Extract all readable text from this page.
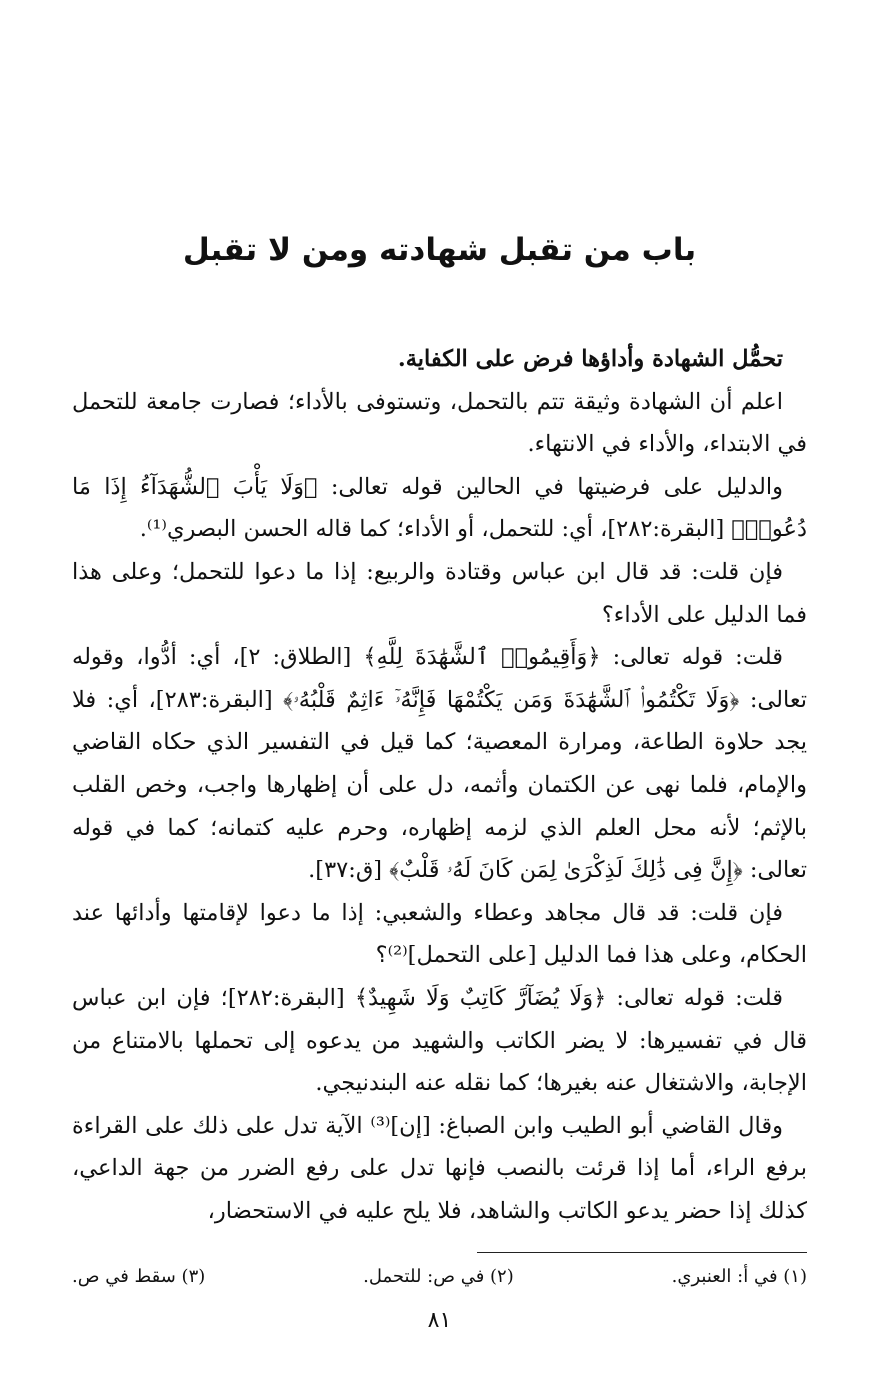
باب من تقبل شهادته ومن لا تقبل

تحمُّل الشهادة وأداؤها فرض على الكفاية.

اعلم أن الشهادة وثيقة تتم بالتحمل، وتستوفى بالأداء؛ فصارت جامعة للتحمل في الابتداء، والأداء في الانتهاء.

والدليل على فرضيتها في الحالين قوله تعالى: ﴿وَلَا يَأْبَ ٱلشُّهَدَآءُ إِذَا مَا دُعُوا۟﴾ [البقرة:٢٨٢]، أي: للتحمل، أو الأداء؛ كما قاله الحسن البصري⁽¹⁾.

فإن قلت: قد قال ابن عباس وقتادة والربيع: إذا ما دعوا للتحمل؛ وعلى هذا فما الدليل على الأداء؟

قلت: قوله تعالى: ﴿وَأَقِيمُوا۟ ٱلشَّهَٰدَةَ لِلَّهِ﴾ [الطلاق: ٢]، أي: أدُّوا، وقوله تعالى: ﴿وَلَا تَكْتُمُوا۟ ٱلشَّهَٰدَةَ وَمَن يَكْتُمْهَا فَإِنَّهُۥٓ ءَاثِمٌ قَلْبُهُۥ﴾ [البقرة:٢٨٣]، أي: فلا يجد حلاوة الطاعة، ومرارة المعصية؛ كما قيل في التفسير الذي حكاه القاضي والإمام، فلما نهى عن الكتمان وأثمه، دل على أن إظهارها واجب، وخص القلب بالإثم؛ لأنه محل العلم الذي لزمه إظهاره، وحرم عليه كتمانه؛ كما في قوله تعالى: ﴿إِنَّ فِى ذَٰلِكَ لَذِكْرَىٰ لِمَن كَانَ لَهُۥ قَلْبٌ﴾ [ق:٣٧].

فإن قلت: قد قال مجاهد وعطاء والشعبي: إذا ما دعوا لإقامتها وأدائها عند الحكام، وعلى هذا فما الدليل [على التحمل]⁽²⁾؟

قلت: قوله تعالى: ﴿وَلَا يُضَآرَّ كَاتِبٌ وَلَا شَهِيدٌ﴾ [البقرة:٢٨٢]؛ فإن ابن عباس قال في تفسيرها: لا يضر الكاتب والشهيد من يدعوه إلى تحملها بالامتناع من الإجابة، والاشتغال عنه بغيرها؛ كما نقله عنه البندنيجي.

وقال القاضي أبو الطيب وابن الصباغ: [إن]⁽³⁾ الآية تدل على ذلك على القراءة برفع الراء، أما إذا قرئت بالنصب فإنها تدل على رفع الضرر من جهة الداعي، كذلك إذا حضر يدعو الكاتب والشاهد، فلا يلح عليه في الاستحضار،

(١) في أ: العنبري.
(٢) في ص: للتحمل.
(٣) سقط في ص.
٨١
